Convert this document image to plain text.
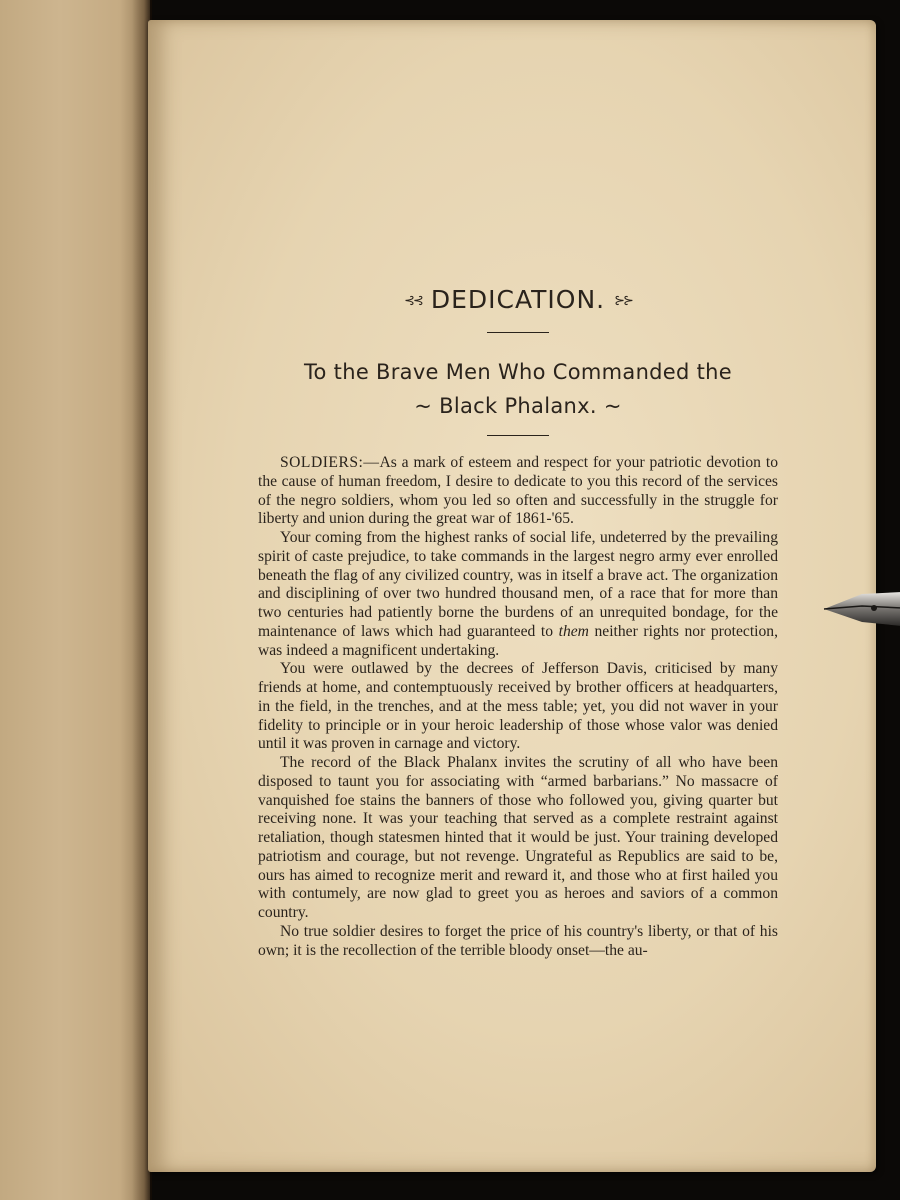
⊰⊰ DEDICATION. ⊱⊱
To the Brave Men Who Commanded the
~ Black Phalanx. ~

SOLDIERS:—As a mark of esteem and respect for your patriotic devotion to the cause of human freedom, I desire to dedicate to you this record of the services of the negro soldiers, whom you led so often and successfully in the struggle for liberty and union during the great war of 1861-'65.

Your coming from the highest ranks of social life, undeterred by the prevailing spirit of caste prejudice, to take commands in the largest negro army ever enrolled beneath the flag of any civilized country, was in itself a brave act. The organization and disciplining of over two hundred thousand men, of a race that for more than two centuries had patiently borne the burdens of an unrequited bondage, for the maintenance of laws which had guaranteed to them neither rights nor protection, was indeed a magnificent undertaking.

You were outlawed by the decrees of Jefferson Davis, criticised by many friends at home, and contemptuously received by brother officers at headquarters, in the field, in the trenches, and at the mess table; yet, you did not waver in your fidelity to principle or in your heroic leadership of those whose valor was denied until it was proven in carnage and victory.

The record of the Black Phalanx invites the scrutiny of all who have been disposed to taunt you for associating with “armed barbarians.” No massacre of vanquished foe stains the banners of those who followed you, giving quarter but receiving none. It was your teaching that served as a complete restraint against retaliation, though statesmen hinted that it would be just. Your training developed patriotism and courage, but not revenge. Ungrateful as Republics are said to be, ours has aimed to recognize merit and reward it, and those who at first hailed you with contumely, are now glad to greet you as heroes and saviors of a common country.

No true soldier desires to forget the price of his country's liberty, or that of his own; it is the recollection of the terrible bloody onset—the au-
